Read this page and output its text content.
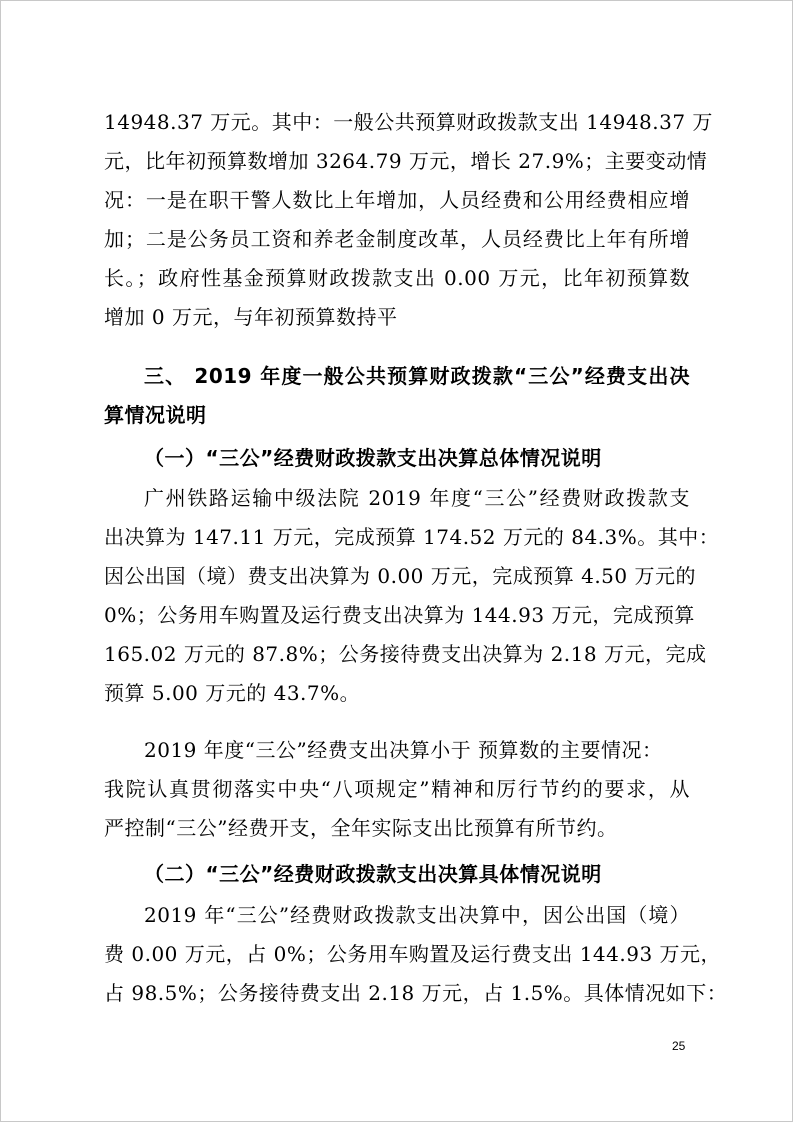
14948.37 万元。其中：一般公共预算财政拨款支出 14948.37 万
元，比年初预算数增加 3264.79 万元，增长 27.9%；主要变动情
况：一是在职干警人数比上年增加，人员经费和公用经费相应增
加；二是公务员工资和养老金制度改革，人员经费比上年有所增
长。；政府性基金预算财政拨款支出 0.00 万元，比年初预算数
增加 0 万元，与年初预算数持平
三、 2019 年度一般公共预算财政拨款“三公”经费支出决
算情况说明
（一）“三公”经费财政拨款支出决算总体情况说明
广州铁路运输中级法院 2019 年度“三公”经费财政拨款支
出决算为 147.11 万元，完成预算 174.52 万元的 84.3%。其中：
因公出国（境）费支出决算为 0.00 万元，完成预算 4.50 万元的
0%；公务用车购置及运行费支出决算为 144.93 万元，完成预算
165.02 万元的 87.8%；公务接待费支出决算为 2.18 万元，完成
预算 5.00 万元的 43.7%。
2019 年度“三公”经费支出决算小于 预算数的主要情况：
我院认真贯彻落实中央“八项规定”精神和厉行节约的要求，从
严控制“三公”经费开支，全年实际支出比预算有所节约。
（二）“三公”经费财政拨款支出决算具体情况说明
2019 年“三公”经费财政拨款支出决算中，因公出国（境）
费 0.00 万元，占 0%；公务用车购置及运行费支出 144.93 万元，
占 98.5%；公务接待费支出 2.18 万元，占 1.5%。具体情况如下：
25
